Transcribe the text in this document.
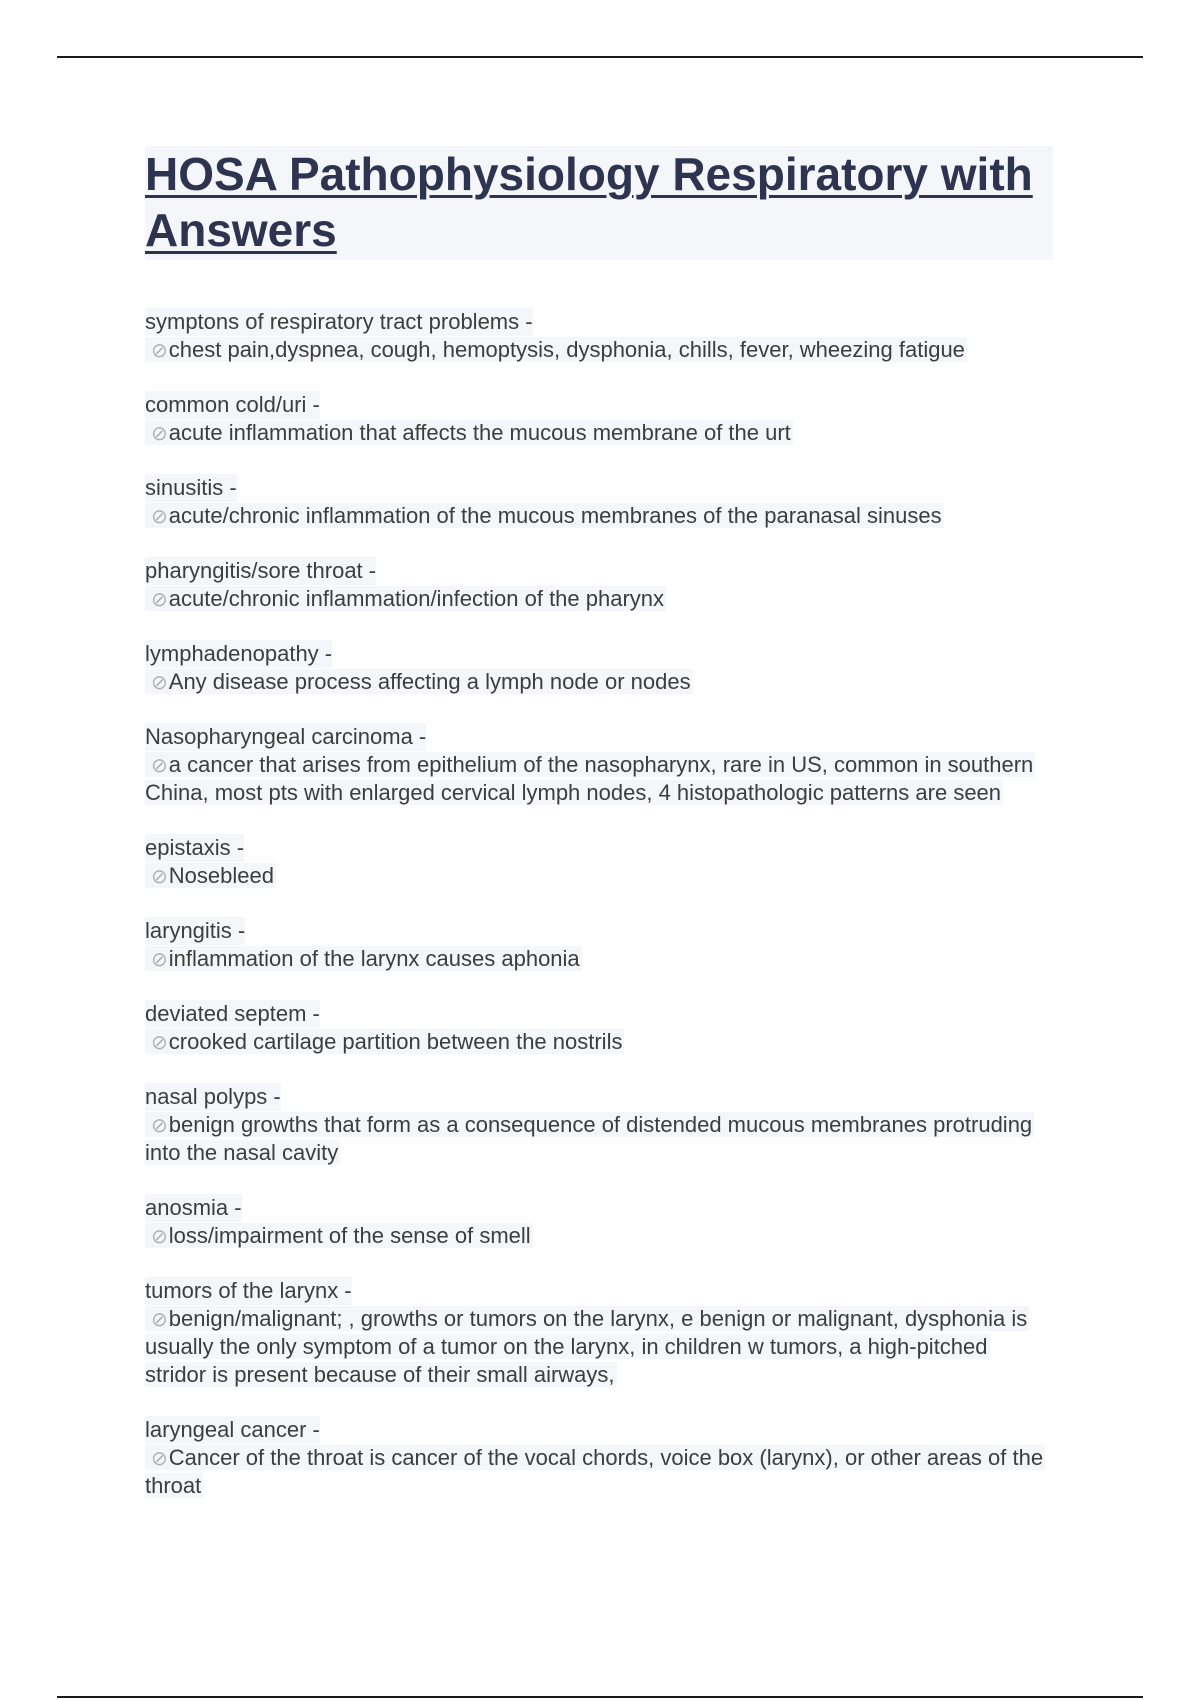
HOSA Pathophysiology Respiratory with Answers
symptons of respiratory tract problems -
⊘chest pain,dyspnea, cough, hemoptysis, dysphonia, chills, fever, wheezing fatigue
common cold/uri -
⊘acute inflammation that affects the mucous membrane of the urt
sinusitis -
⊘acute/chronic inflammation of the mucous membranes of the paranasal sinuses
pharyngitis/sore throat -
⊘acute/chronic inflammation/infection of the pharynx
lymphadenopathy -
⊘Any disease process affecting a lymph node or nodes
Nasopharyngeal carcinoma -
⊘a cancer that arises from epithelium of the nasopharynx, rare in US, common in southern China, most pts with enlarged cervical lymph nodes, 4 histopathologic patterns are seen
epistaxis -
⊘Nosebleed
laryngitis -
⊘inflammation of the larynx causes aphonia
deviated septem -
⊘crooked cartilage partition between the nostrils
nasal polyps -
⊘benign growths that form as a consequence of distended mucous membranes protruding into the nasal cavity
anosmia -
⊘loss/impairment of the sense of smell
tumors of the larynx -
⊘benign/malignant; , growths or tumors on the larynx, e benign or malignant, dysphonia is usually the only symptom of a tumor on the larynx, in children w tumors, a high-pitched stridor is present because of their small airways,
laryngeal cancer -
⊘Cancer of the throat is cancer of the vocal chords, voice box (larynx), or other areas of the throat
